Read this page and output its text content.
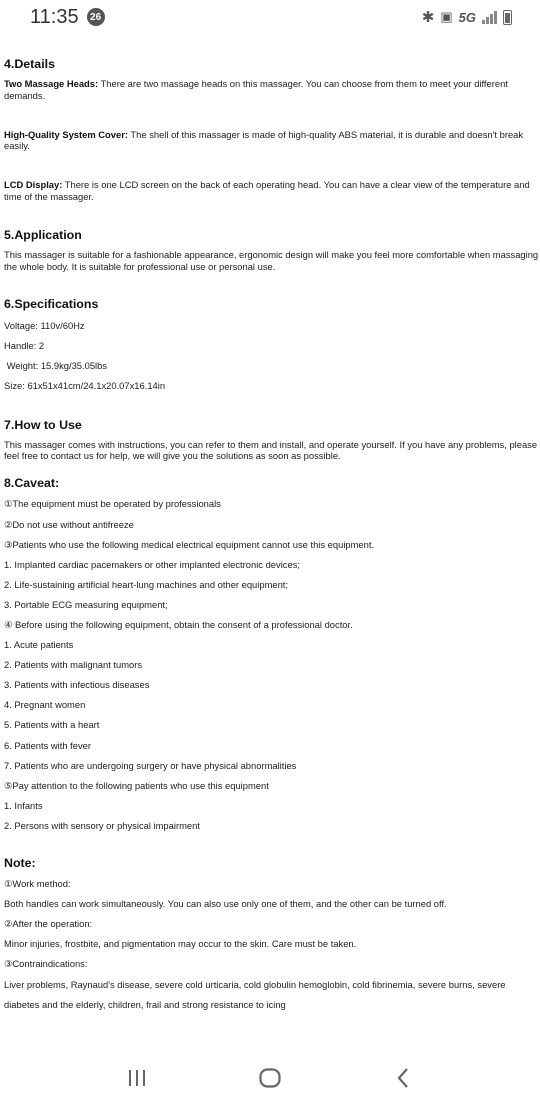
11:35	26	✱ ▣ 5G
4.Details

Two Massage Heads: There are two massage heads on this massager. You can choose from them to meet your different demands.

High-Quality System Cover: The shell of this massager is made of high-quality ABS material, it is durable and doesn't break easily.

LCD Display: There is one LCD screen on the back of each operating head. You can have a clear view of the temperature and time of the massager.

5.Application

This massager is suitable for a fashionable appearance, ergonomic design will make you feel more comfortable when massaging the whole body. It is suitable for professional use or personal use.

6.Specifications

Voltage: 110v/60Hz

Handle: 2

Weight: 15.9kg/35.05lbs

Size: 61x51x41cm/24.1x20.07x16.14in

7.How to Use

This massager comes with instructions, you can refer to them and install, and operate yourself. If you have any problems, please feel free to contact us for help, we will give you the solutions as soon as possible.

8.Caveat:

①The equipment must be operated by professionals

②Do not use without antifreeze

③Patients who use the following medical electrical equipment cannot use this equipment.

1. Implanted cardiac pacemakers or other implanted electronic devices;

2. Life-sustaining artificial heart-lung machines and other equipment;

3. Portable ECG measuring equipment;

④ Before using the following equipment, obtain the consent of a professional doctor.

1. Acute patients

2. Patients with malignant tumors

3. Patients with infectious diseases

4. Pregnant women

5. Patients with a heart

6. Patients with fever

7. Patients who are undergoing surgery or have physical abnormalities

⑤Pay attention to the following patients who use this equipment

1. Infants

2. Persons with sensory or physical impairment

Note:

①Work method:

Both handles can work simultaneously. You can also use only one of them, and the other can be turned off.

②After the operation:

Minor injuries, frostbite, and pigmentation may occur to the skin. Care must be taken.

③Contraindications:

Liver problems, Raynaud's disease, severe cold urticaria, cold globulin hemoglobin, cold fibrinemia, severe burns, severe

diabetes and the elderly, children, frail and strong resistance to icing
